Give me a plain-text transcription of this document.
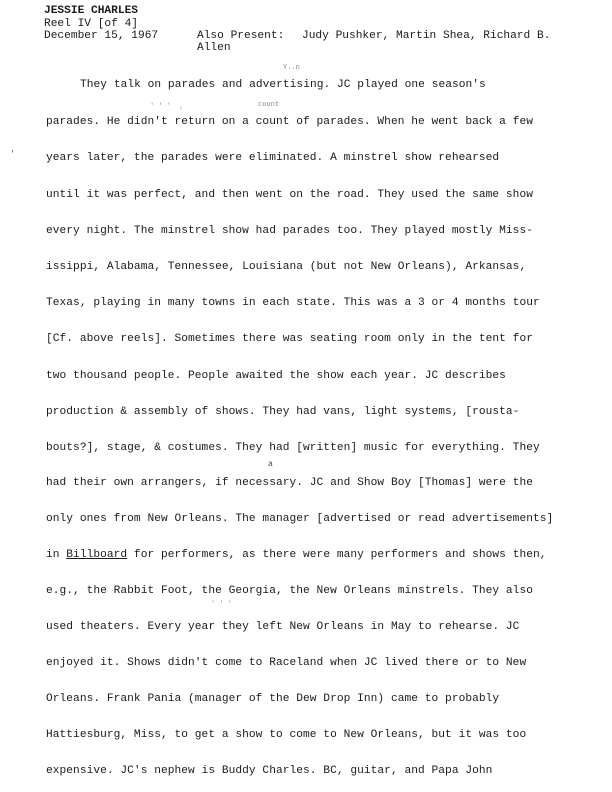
JESSIE CHARLES
Reel IV [of 4]
December 15, 1967	Also Present: Judy Pushker, Martin Shea, Richard B.
Allen
Y..n
' ' '  ,	count
' ' '
'
a
They talk on parades and advertising. JC played one season's
parades. He didn't return on a count of parades. When he went back a few
years later, the parades were eliminated. A minstrel show rehearsed
until it was perfect, and then went on the road. They used the same show
every night. The minstrel show had parades too. They played mostly Miss-
issippi, Alabama, Tennessee, Louisiana (but not New Orleans), Arkansas,
Texas, playing in many towns in each state. This was a 3 or 4 months tour
[Cf. above reels]. Sometimes there was seating room only in the tent for
two thousand people. People awaited the show each year. JC describes
production & assembly of shows. They had vans, light systems, [rousta-
bouts?], stage, & costumes. They had [written] music for everything. They
had their own arrangers, if necessary. JC and Show Boy [Thomas] were the
only ones from New Orleans. The manager [advertised or read advertisements]
in Billboard for performers, as there were many performers and shows then,
e.g., the Rabbit Foot, the Georgia, the New Orleans minstrels. They also
used theaters. Every year they left New Orleans in May to rehearse. JC
enjoyed it. Shows didn't come to Raceland when JC lived there or to New
Orleans. Frank Pania (manager of the Dew Drop Inn) came to probably
Hattiesburg, Miss, to get a show to come to New Orleans, but it was too
expensive. JC's nephew is Buddy Charles. BC, guitar, and Papa John
